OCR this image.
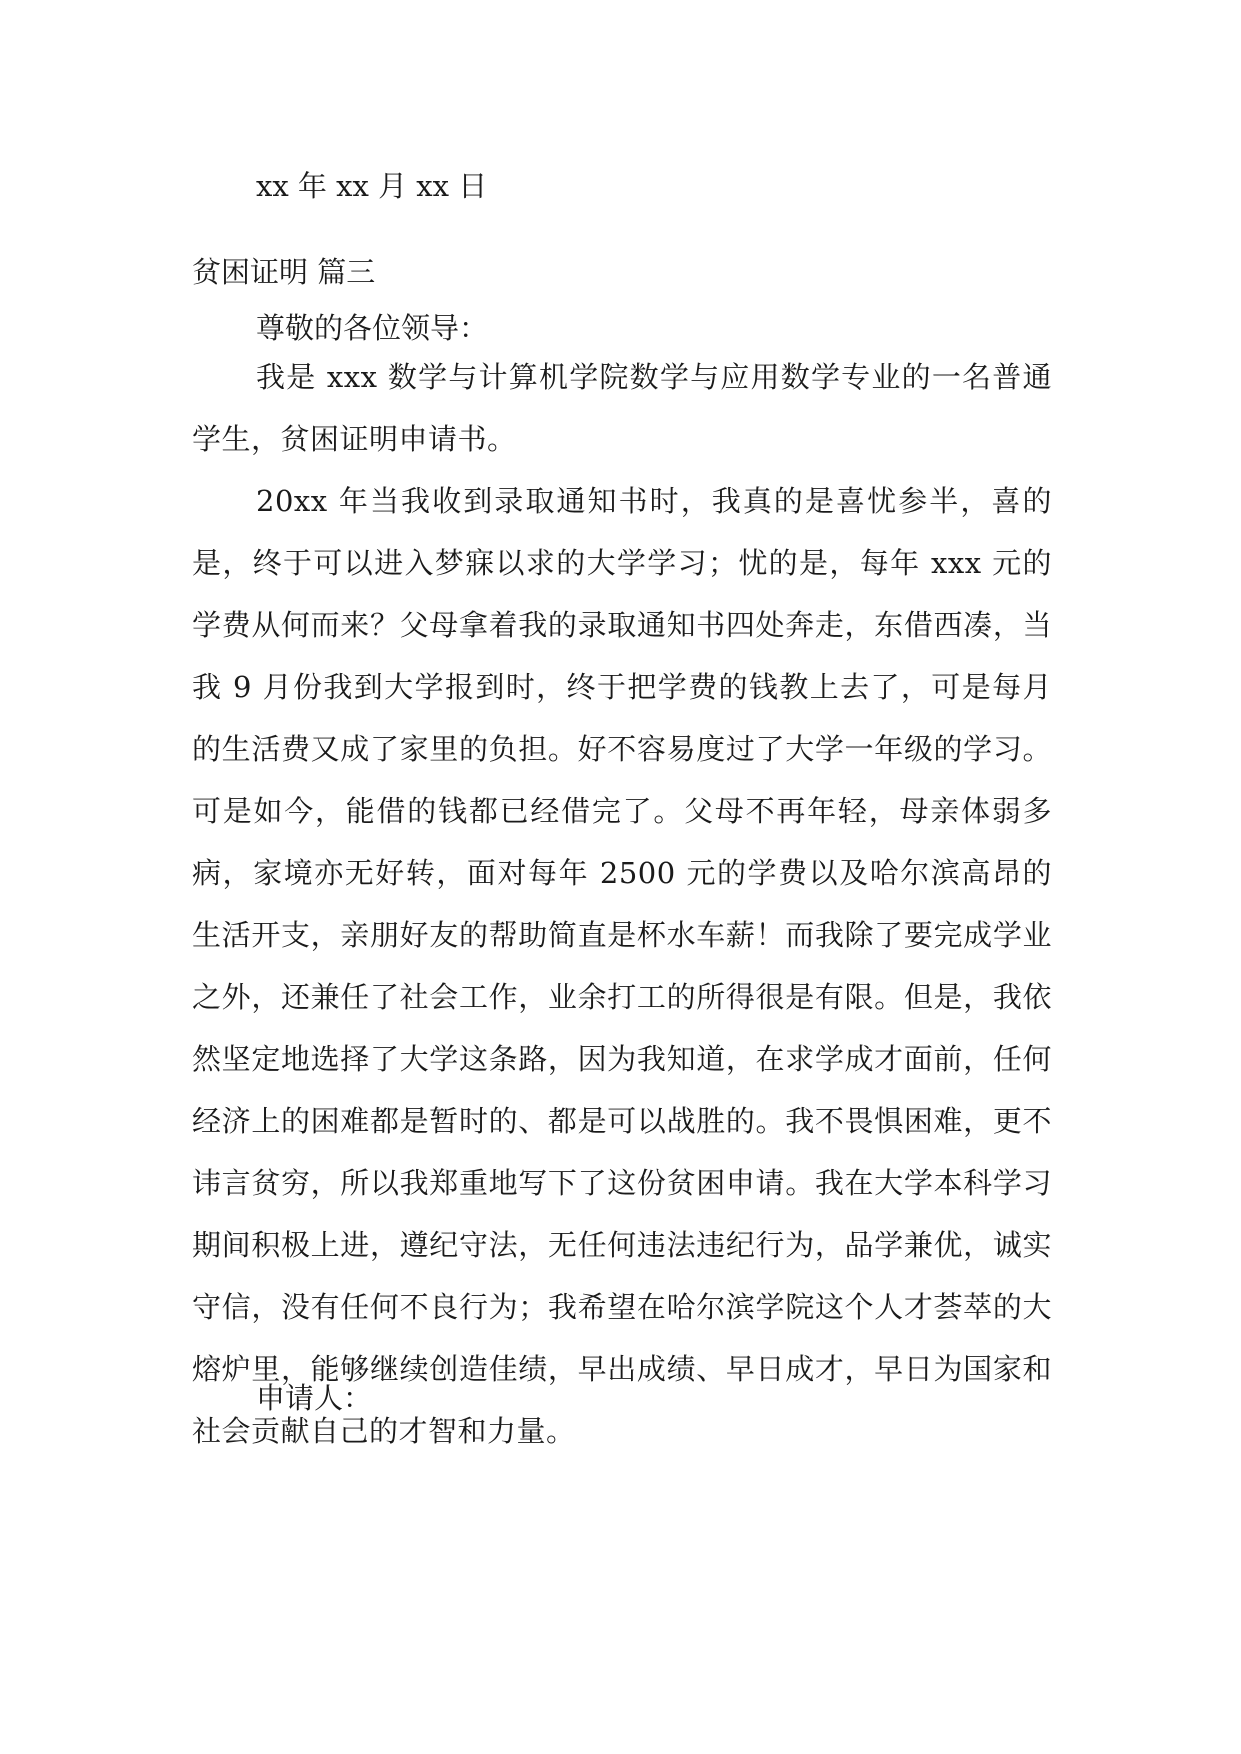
xx 年 xx 月 xx 日
贫困证明 篇三
尊敬的各位领导：
我是 xxx 数学与计算机学院数学与应用数学专业的一名普通学生，贫困证明申请书。
20xx 年当我收到录取通知书时，我真的是喜忧参半，喜的是，终于可以进入梦寐以求的大学学习；忧的是，每年 xxx 元的学费从何而来？父母拿着我的录取通知书四处奔走，东借西凑，当我 9 月份我到大学报到时，终于把学费的钱教上去了，可是每月的生活费又成了家里的负担。好不容易度过了大学一年级的学习。可是如今，能借的钱都已经借完了。父母不再年轻，母亲体弱多病，家境亦无好转，面对每年 2500 元的学费以及哈尔滨高昂的生活开支，亲朋好友的帮助简直是杯水车薪！而我除了要完成学业之外，还兼任了社会工作，业余打工的所得很是有限。但是，我依然坚定地选择了大学这条路，因为我知道，在求学成才面前，任何经济上的困难都是暂时的、都是可以战胜的。我不畏惧困难，更不讳言贫穷，所以我郑重地写下了这份贫困申请。我在大学本科学习期间积极上进，遵纪守法，无任何违法违纪行为，品学兼优，诚实守信，没有任何不良行为；我希望在哈尔滨学院这个人才荟萃的大熔炉里，能够继续创造佳绩，早出成绩、早日成才，早日为国家和社会贡献自己的才智和力量。
申请人：
